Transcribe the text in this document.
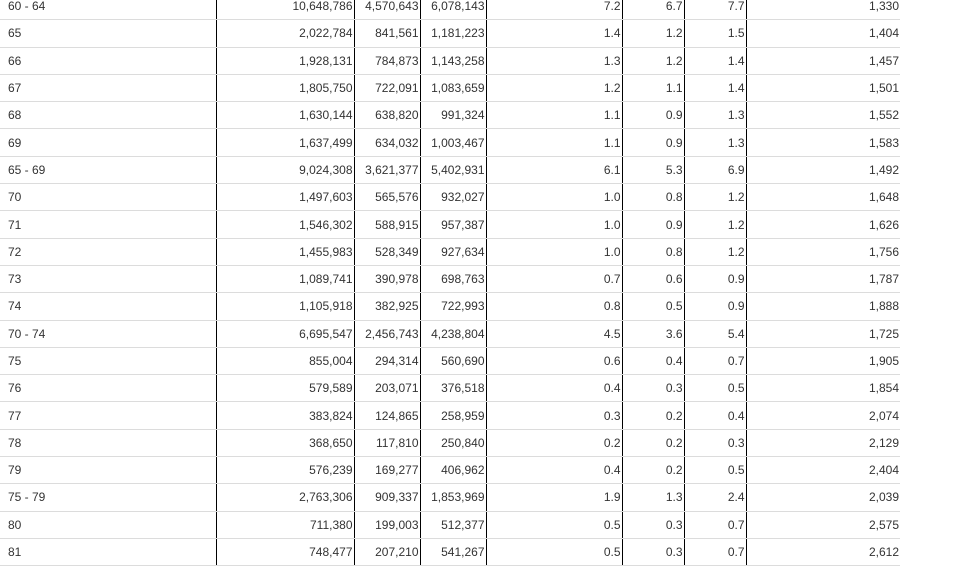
60 - 64	10,648,786	4,570,643	6,078,143	7.2	6.7	7.7	1,330
65	2,022,784	841,561	1,181,223	1.4	1.2	1.5	1,404
66	1,928,131	784,873	1,143,258	1.3	1.2	1.4	1,457
67	1,805,750	722,091	1,083,659	1.2	1.1	1.4	1,501
68	1,630,144	638,820	991,324	1.1	0.9	1.3	1,552
69	1,637,499	634,032	1,003,467	1.1	0.9	1.3	1,583
65 - 69	9,024,308	3,621,377	5,402,931	6.1	5.3	6.9	1,492
70	1,497,603	565,576	932,027	1.0	0.8	1.2	1,648
71	1,546,302	588,915	957,387	1.0	0.9	1.2	1,626
72	1,455,983	528,349	927,634	1.0	0.8	1.2	1,756
73	1,089,741	390,978	698,763	0.7	0.6	0.9	1,787
74	1,105,918	382,925	722,993	0.8	0.5	0.9	1,888
70 - 74	6,695,547	2,456,743	4,238,804	4.5	3.6	5.4	1,725
75	855,004	294,314	560,690	0.6	0.4	0.7	1,905
76	579,589	203,071	376,518	0.4	0.3	0.5	1,854
77	383,824	124,865	258,959	0.3	0.2	0.4	2,074
78	368,650	117,810	250,840	0.2	0.2	0.3	2,129
79	576,239	169,277	406,962	0.4	0.2	0.5	2,404
75 - 79	2,763,306	909,337	1,853,969	1.9	1.3	2.4	2,039
80	711,380	199,003	512,377	0.5	0.3	0.7	2,575
81	748,477	207,210	541,267	0.5	0.3	0.7	2,612
